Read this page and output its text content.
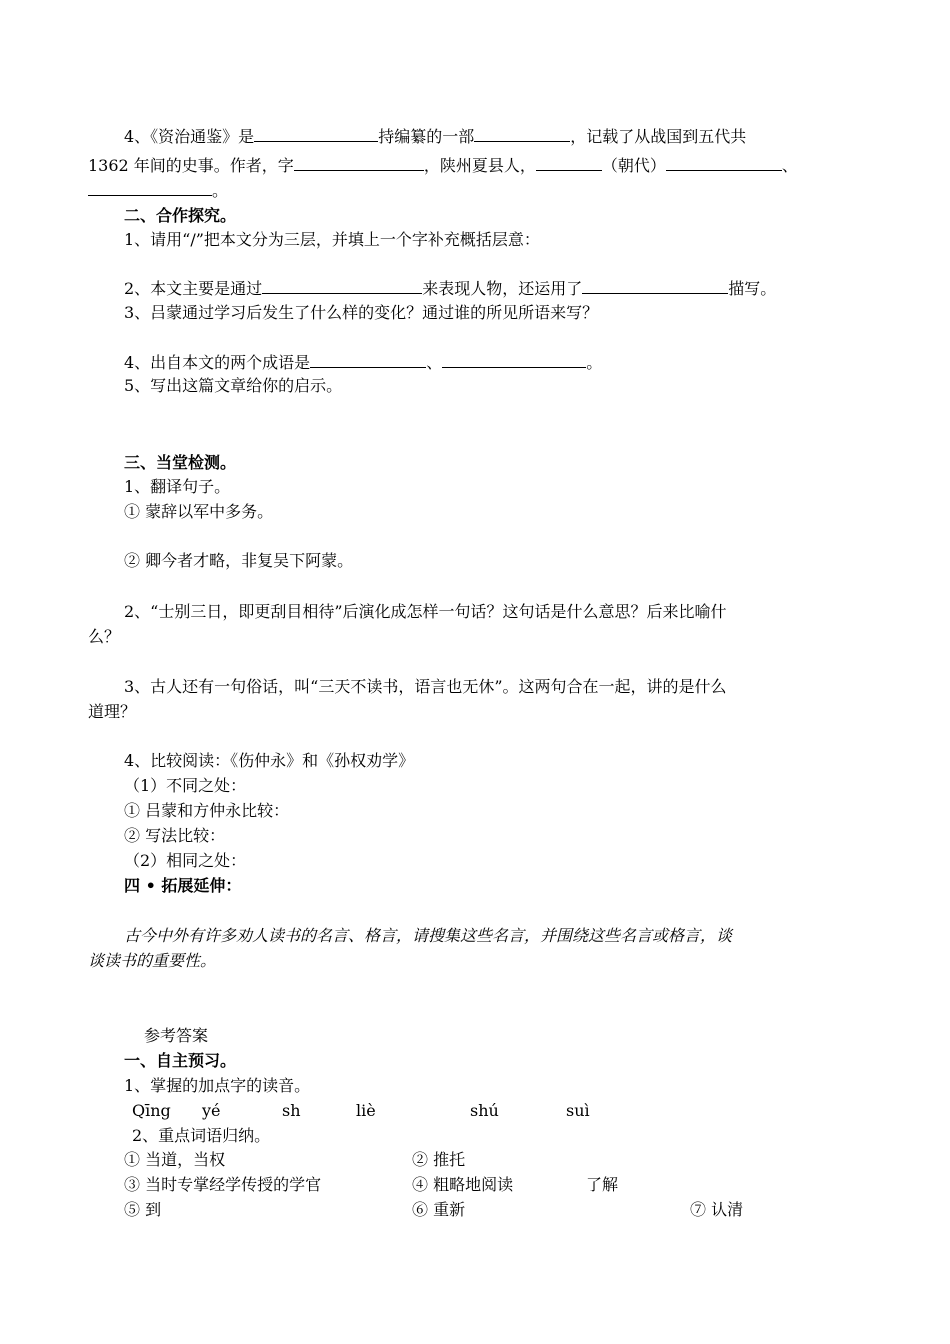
4、《资治通鉴》是	持编纂的一部	，记载了从战国到五代共
1362 年间的史事。作者，字	，陕州夏县人，	（朝代）	、
。
二、合作探究。
1、请用“/”把本文分为三层，并填上一个字补充概括层意：
2、本文主要是通过	来表现人物，还运用了	描写。
3、吕蒙通过学习后发生了什么样的变化？通过谁的所见所语来写？
4、出自本文的两个成语是	、	。
5、写出这篇文章给你的启示。
三、当堂检测。
1、翻译句子。
① 蒙辞以军中多务。
② 卿今者才略，非复吴下阿蒙。
2、“士别三日，即更刮目相待”后演化成怎样一句话？这句话是什么意思？后来比喻什
么？
3、古人还有一句俗话，叫“三天不读书，语言也无休”。这两句合在一起，讲的是什么
道理？
4、比较阅读：《伤仲永》和《孙权劝学》
（1）不同之处：
① 吕蒙和方仲永比较：
② 写法比较：
（2）相同之处：
四 • 拓展延伸：
古今中外有许多劝人读书的名言、格言，请搜集这些名言，并围绕这些名言或格言，谈
谈读书的重要性。
参考答案
一、自主预习。
1、掌握的加点字的读音。
Qīng yé	sh	liè	shú	suì
2、重点词语归纳。
① 当道，当权	② 推托
③ 当时专掌经学传授的学官	④ 粗略地阅读	了解
⑤ 到	⑥ 重新	⑦ 认清
